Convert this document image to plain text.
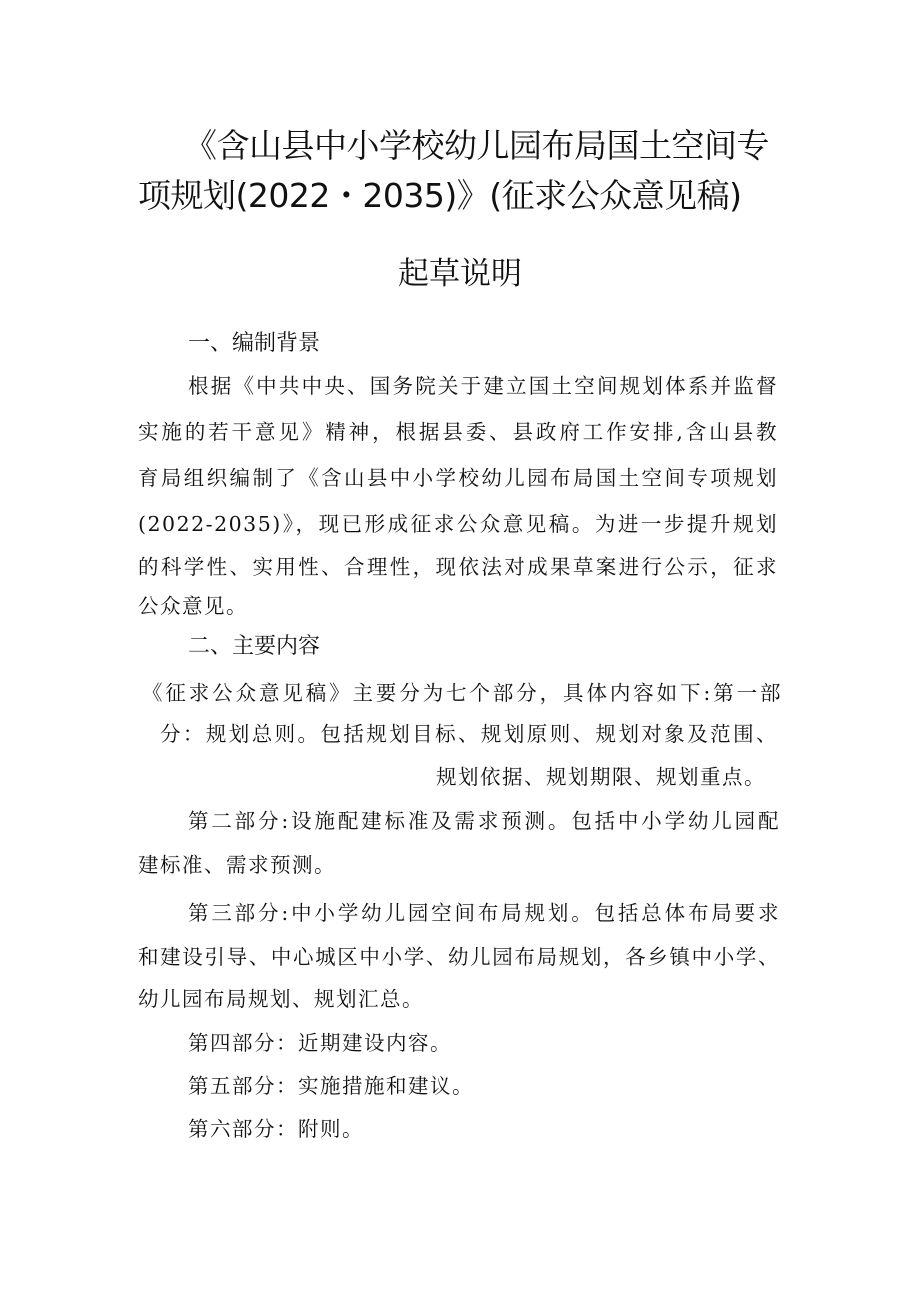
《含山县中小学校幼儿园布局国土空间专
项规划(2022・2035)》(征求公众意见稿)
起草说明
一、编制背景
根据《中共中央、国务院关于建立国土空间规划体系并监督
实施的若干意见》精神，根据县委、县政府工作安排,含山县教
育局组织编制了《含山县中小学校幼儿园布局国土空间专项规划
(2022-2035)》，现已形成征求公众意见稿。为进一步提升规划
的科学性、实用性、合理性，现依法对成果草案进行公示，征求
公众意见。
二、主要内容
《征求公众意见稿》主要分为七个部分，具体内容如下:第一部
分：规划总则。包括规划目标、规划原则、规划对象及范围、
规划依据、规划期限、规划重点。
第二部分:设施配建标准及需求预测。包括中小学幼儿园配
建标准、需求预测。
第三部分:中小学幼儿园空间布局规划。包括总体布局要求
和建设引导、中心城区中小学、幼儿园布局规划，各乡镇中小学、
幼儿园布局规划、规划汇总。
第四部分：近期建设内容。
第五部分：实施措施和建议。
第六部分：附则。
